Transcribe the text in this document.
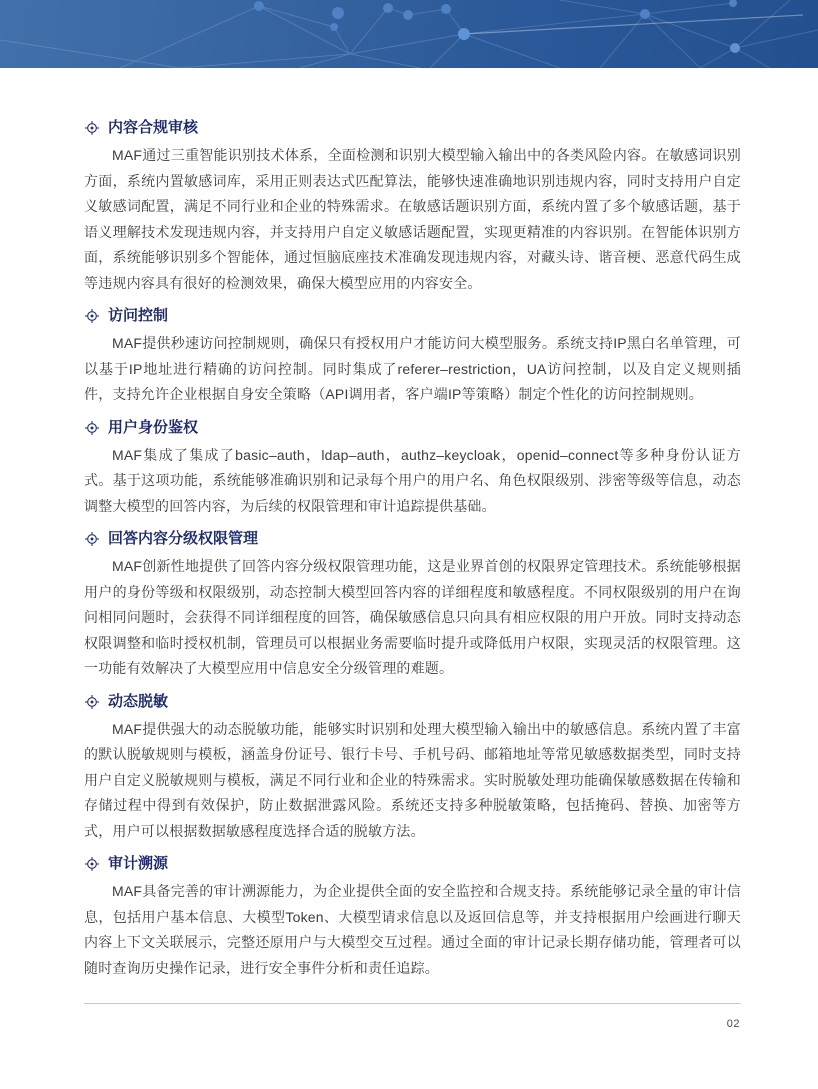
内容合规审核

MAF通过三重智能识别技术体系，全面检测和识别大模型输入输出中的各类风险内容。在敏感词识别方面，系统内置敏感词库，采用正则表达式匹配算法，能够快速准确地识别违规内容，同时支持用户自定义敏感词配置，满足不同行业和企业的特殊需求。在敏感话题识别方面，系统内置了多个敏感话题，基于语义理解技术发现违规内容，并支持用户自定义敏感话题配置，实现更精准的内容识别。在智能体识别方面，系统能够识别多个智能体，通过恒脑底座技术准确发现违规内容，对藏头诗、谐音梗、恶意代码生成等违规内容具有很好的检测效果，确保大模型应用的内容安全。

访问控制

MAF提供秒速访问控制规则，确保只有授权用户才能访问大模型服务。系统支持IP黑白名单管理，可以基于IP地址进行精确的访问控制。同时集成了referer–restriction，UA访问控制，以及自定义规则插件，支持允许企业根据自身安全策略（API调用者，客户端IP等策略）制定个性化的访问控制规则。

用户身份鉴权

MAF集成了集成了basic–auth，ldap–auth，authz–keycloak，openid–connect等多种身份认证方式。基于这项功能，系统能够准确识别和记录每个用户的用户名、角色权限级别、涉密等级等信息，动态调整大模型的回答内容，为后续的权限管理和审计追踪提供基础。

回答内容分级权限管理

MAF创新性地提供了回答内容分级权限管理功能，这是业界首创的权限界定管理技术。系统能够根据用户的身份等级和权限级别，动态控制大模型回答内容的详细程度和敏感程度。不同权限级别的用户在询问相同问题时，会获得不同详细程度的回答，确保敏感信息只向具有相应权限的用户开放。同时支持动态权限调整和临时授权机制，管理员可以根据业务需要临时提升或降低用户权限，实现灵活的权限管理。这一功能有效解决了大模型应用中信息安全分级管理的难题。

动态脱敏

MAF提供强大的动态脱敏功能，能够实时识别和处理大模型输入输出中的敏感信息。系统内置了丰富的默认脱敏规则与模板，涵盖身份证号、银行卡号、手机号码、邮箱地址等常见敏感数据类型，同时支持用户自定义脱敏规则与模板，满足不同行业和企业的特殊需求。实时脱敏处理功能确保敏感数据在传输和存储过程中得到有效保护，防止数据泄露风险。系统还支持多种脱敏策略，包括掩码、替换、加密等方式，用户可以根据数据敏感程度选择合适的脱敏方法。

审计溯源

MAF具备完善的审计溯源能力，为企业提供全面的安全监控和合规支持。系统能够记录全量的审计信息，包括用户基本信息、大模型Token、大模型请求信息以及返回信息等，并支持根据用户绘画进行聊天内容上下文关联展示，完整还原用户与大模型交互过程。通过全面的审计记录长期存储功能，管理者可以随时查询历史操作记录，进行安全事件分析和责任追踪。

02
